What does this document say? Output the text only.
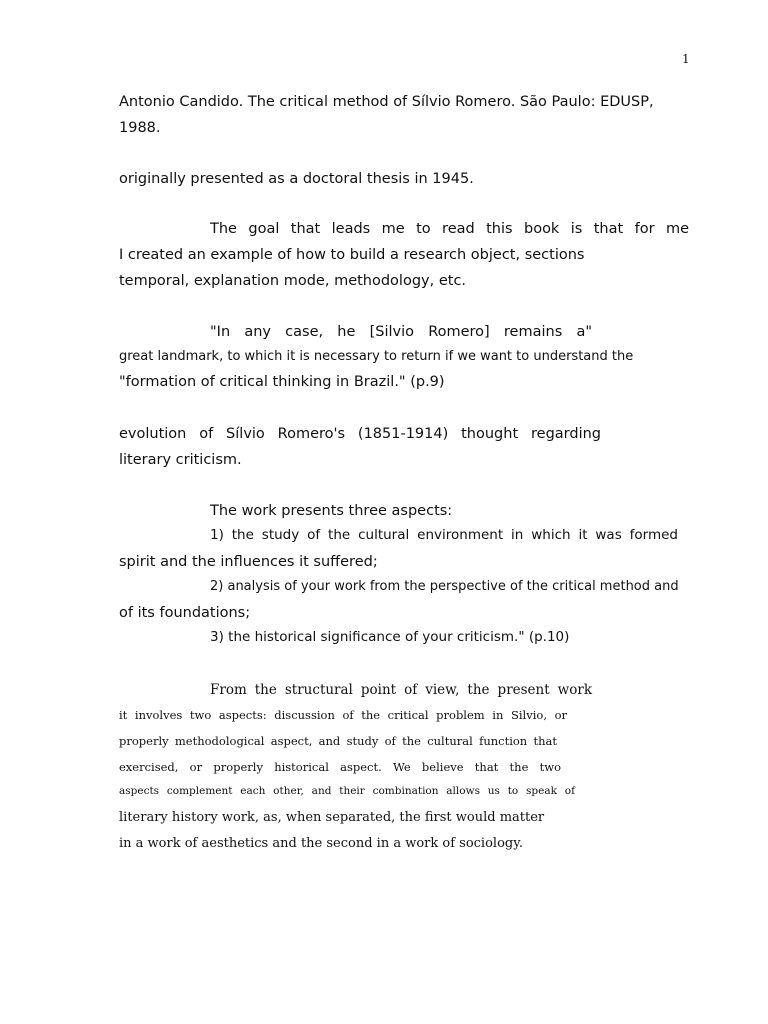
1

Antonio Candido. The critical method of Sílvio Romero. São Paulo: EDUSP,

1988.

originally presented as a doctoral thesis in 1945.

The goal that leads me to read this book is that for me

I created an example of how to build a research object, sections

temporal, explanation mode, methodology, etc.

"In any case, he [Silvio Romero] remains a"

great landmark, to which it is necessary to return if we want to understand the

"formation of critical thinking in Brazil." (p.9)

evolution of Sílvio Romero's (1851-1914) thought regarding

literary criticism.

The work presents three aspects:

1) the study of the cultural environment in which it was formed

spirit and the influences it suffered;

2) analysis of your work from the perspective of the critical method and

of its foundations;

3) the historical significance of your criticism." (p.10)

From the structural point of view, the present work

it involves two aspects: discussion of the critical problem in Silvio, or

properly methodological aspect, and study of the cultural function that

exercised, or properly historical aspect. We believe that the two

aspects complement each other, and their combination allows us to speak of

literary history work, as, when separated, the first would matter

in a work of aesthetics and the second in a work of sociology.
